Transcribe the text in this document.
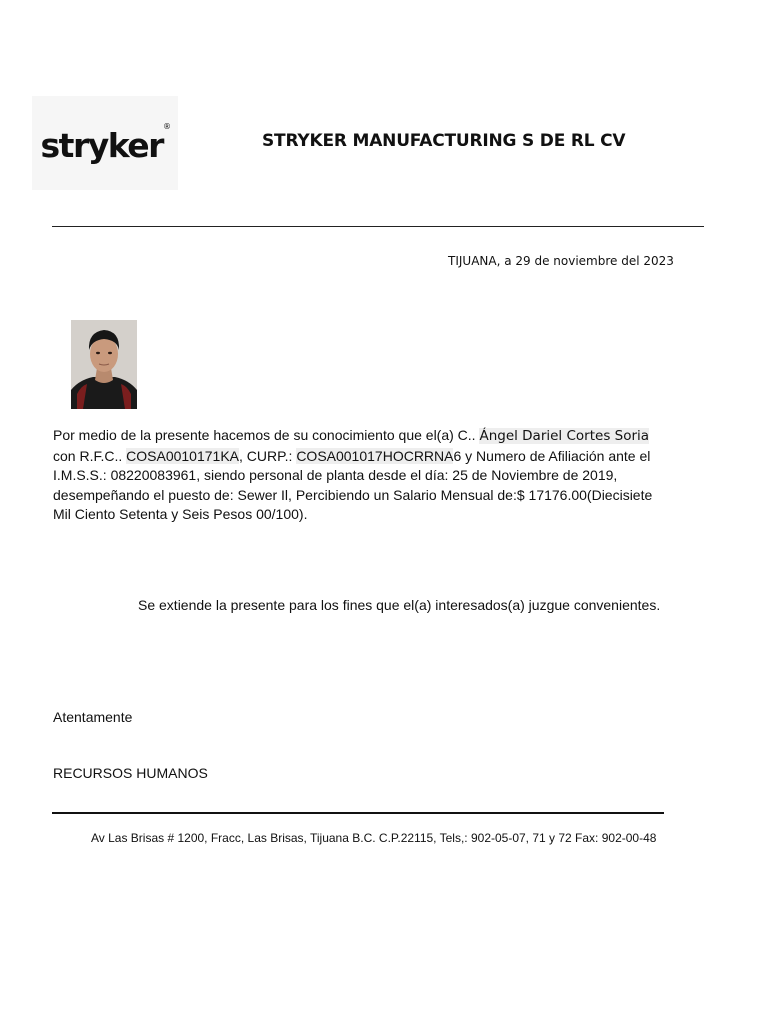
stryker®
STRYKER MANUFACTURING S DE RL CV
TIJUANA, a 29 de noviembre del 2023
Por medio de la presente hacemos de su conocimiento que el(a) C.. Ángel Dariel Cortes Soria con R.F.C.. COSA0010171KA, CURP.: COSA001017HOCRRNA6 y Numero de Afiliación ante el I.M.S.S.: 08220083961, siendo personal de planta desde el día: 25 de Noviembre de 2019, desempeñando el puesto de: Sewer Il, Percibiendo un Salario Mensual de:$ 17176.00(Diecisiete Mil Ciento Setenta y Seis Pesos 00/100).
Se extiende la presente para los fines que el(a) interesados(a) juzgue convenientes.
Atentamente
RECURSOS HUMANOS
Av Las Brisas # 1200, Fracc, Las Brisas, Tijuana B.C. C.P.22115, Tels,: 902-05-07, 71 y 72 Fax: 902-00-48
